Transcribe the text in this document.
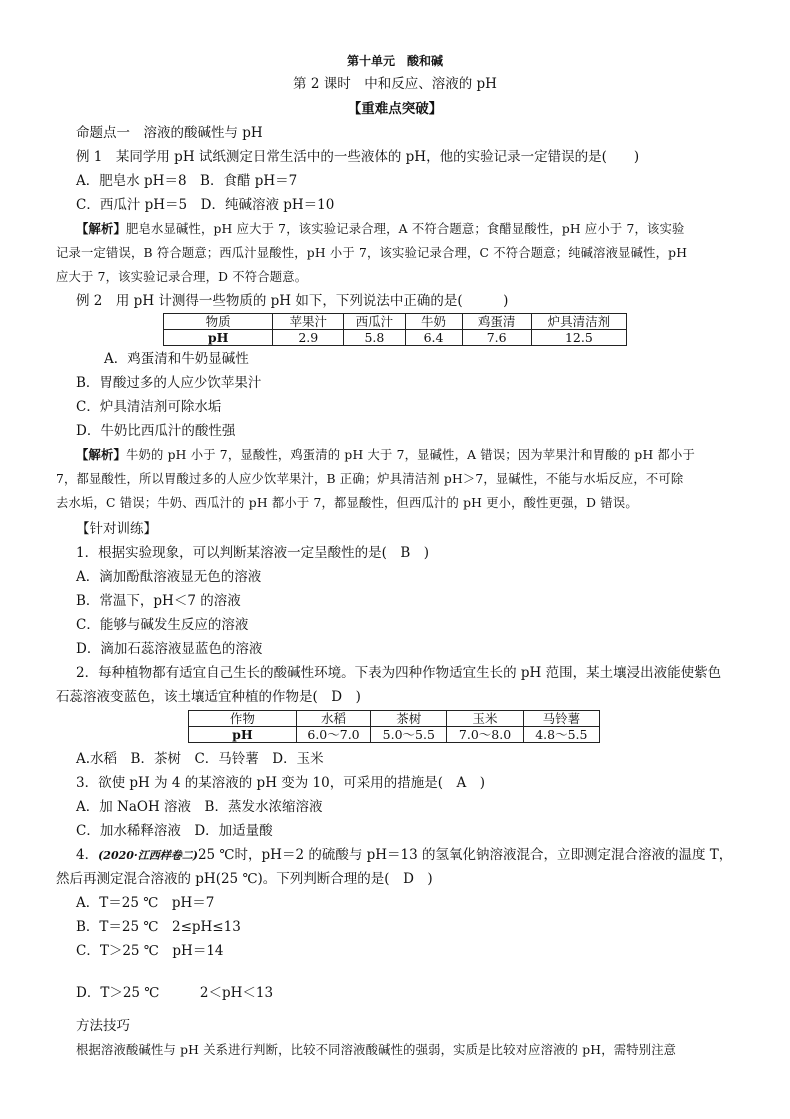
第十单元　酸和碱
第 2 课时　中和反应、溶液的 pH
【重难点突破】
命题点一　溶液的酸碱性与 pH
例 1　某同学用 pH 试纸测定日常生活中的一些液体的 pH，他的实验记录一定错误的是(　　)
A．肥皂水 pH＝8　B．食醋 pH＝7
C．西瓜汁 pH＝5　D．纯碱溶液 pH＝10
【解析】肥皂水显碱性，pH 应大于 7，该实验记录合理，A 不符合题意；食醋显酸性，pH 应小于 7，该实验
记录一定错误，B 符合题意；西瓜汁显酸性，pH 小于 7，该实验记录合理，C 不符合题意；纯碱溶液显碱性，pH
应大于 7，该实验记录合理，D 不符合题意。
例 2　用 pH 计测得一些物质的 pH 如下，下列说法中正确的是(　　　)
物质	苹果汁	西瓜汁	牛奶	鸡蛋清	炉具清洁剂
pH	2.9	5.8	6.4	7.6	12.5
A．鸡蛋清和牛奶显碱性
B．胃酸过多的人应少饮苹果汁
C．炉具清洁剂可除水垢
D．牛奶比西瓜汁的酸性强
【解析】牛奶的 pH 小于 7，显酸性，鸡蛋清的 pH 大于 7，显碱性，A 错误；因为苹果汁和胃酸的 pH 都小于
7，都显酸性，所以胃酸过多的人应少饮苹果汁，B 正确；炉具清洁剂 pH＞7，显碱性，不能与水垢反应，不可除
去水垢，C 错误；牛奶、西瓜汁的 pH 都小于 7，都显酸性，但西瓜汁的 pH 更小，酸性更强，D 错误。
【针对训练】
1．根据实验现象，可以判断某溶液一定呈酸性的是(　B　)
A．滴加酚酞溶液显无色的溶液
B．常温下，pH＜7 的溶液
C．能够与碱发生反应的溶液
D．滴加石蕊溶液显蓝色的溶液
2．每种植物都有适宜自己生长的酸碱性环境。下表为四种作物适宜生长的 pH 范围，某土壤浸出液能使紫色
石蕊溶液变蓝色，该土壤适宜种植的作物是(　D　)
作物	水稻	茶树	玉米	马铃薯
pH	6.0～7.0	5.0～5.5	7.0～8.0	4.8～5.5
A.水稻　B．茶树　C．马铃薯　D．玉米
3．欲使 pH 为 4 的某溶液的 pH 变为 10，可采用的措施是(　A　)
A．加 NaOH 溶液　B．蒸发水浓缩溶液
C．加水稀释溶液　D．加适量酸
4．(2020·江西样卷二)25 ℃时，pH＝2 的硫酸与 pH＝13 的氢氧化钠溶液混合，立即测定混合溶液的温度 T，
然后再测定混合溶液的 pH(25 ℃)。下列判断合理的是(　D　)
A．T＝25 ℃　pH＝7
B．T＝25 ℃　2≤pH≤13
C．T＞25 ℃　pH＝14
D．T＞25 ℃　　　2＜pH＜13
方法技巧
根据溶液酸碱性与 pH 关系进行判断，比较不同溶液酸碱性的强弱，实质是比较对应溶液的 pH，需特别注意
